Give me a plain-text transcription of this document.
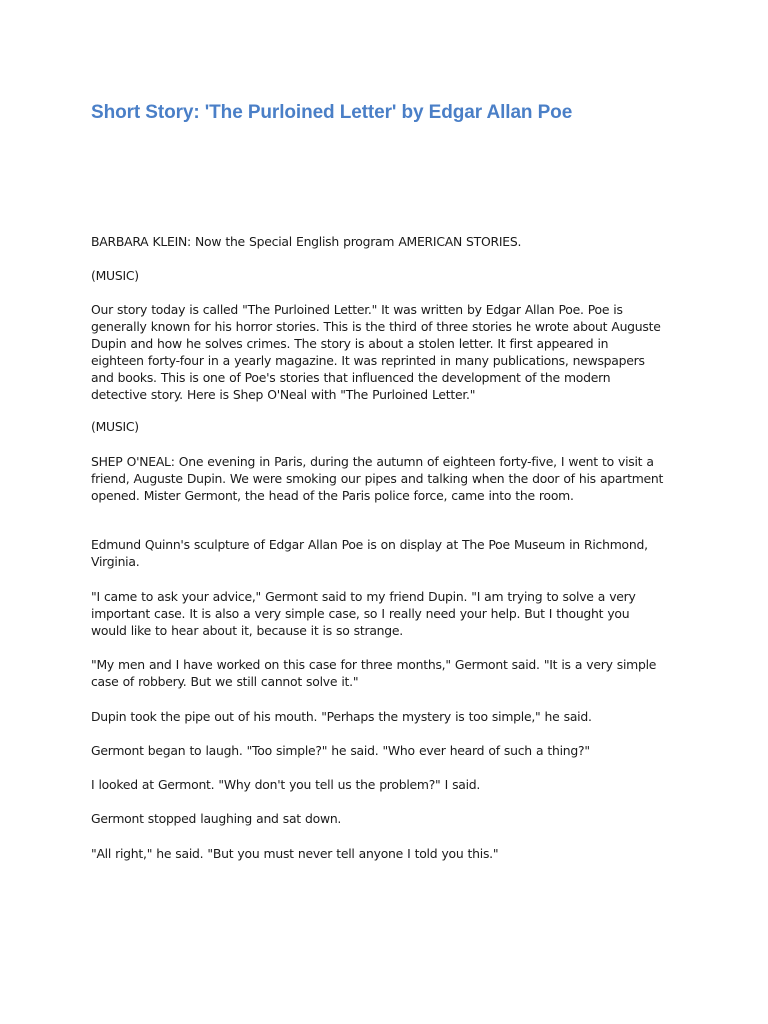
Short Story: 'The Purloined Letter' by Edgar Allan Poe

BARBARA KLEIN: Now the Special English program AMERICAN STORIES.

(MUSIC)

Our story today is called "The Purloined Letter." It was written by Edgar Allan Poe. Poe is
generally known for his horror stories. This is the third of three stories he wrote about Auguste
Dupin and how he solves crimes. The story is about a stolen letter. It first appeared in
eighteen forty-four in a yearly magazine. It was reprinted in many publications, newspapers
and books. This is one of Poe's stories that influenced the development of the modern
detective story. Here is Shep O'Neal with "The Purloined Letter."

(MUSIC)

SHEP O'NEAL: One evening in Paris, during the autumn of eighteen forty-five, I went to visit a
friend, Auguste Dupin. We were smoking our pipes and talking when the door of his apartment
opened. Mister Germont, the head of the Paris police force, came into the room.

Edmund Quinn's sculpture of Edgar Allan Poe is on display at The Poe Museum in Richmond,
Virginia.

"I came to ask your advice," Germont said to my friend Dupin. "I am trying to solve a very
important case. It is also a very simple case, so I really need your help. But I thought you
would like to hear about it, because it is so strange.

"My men and I have worked on this case for three months," Germont said. "It is a very simple
case of robbery. But we still cannot solve it."

Dupin took the pipe out of his mouth. "Perhaps the mystery is too simple," he said.

Germont began to laugh. "Too simple?" he said. "Who ever heard of such a thing?"

I looked at Germont. "Why don't you tell us the problem?" I said.

Germont stopped laughing and sat down.

"All right," he said. "But you must never tell anyone I told you this."
